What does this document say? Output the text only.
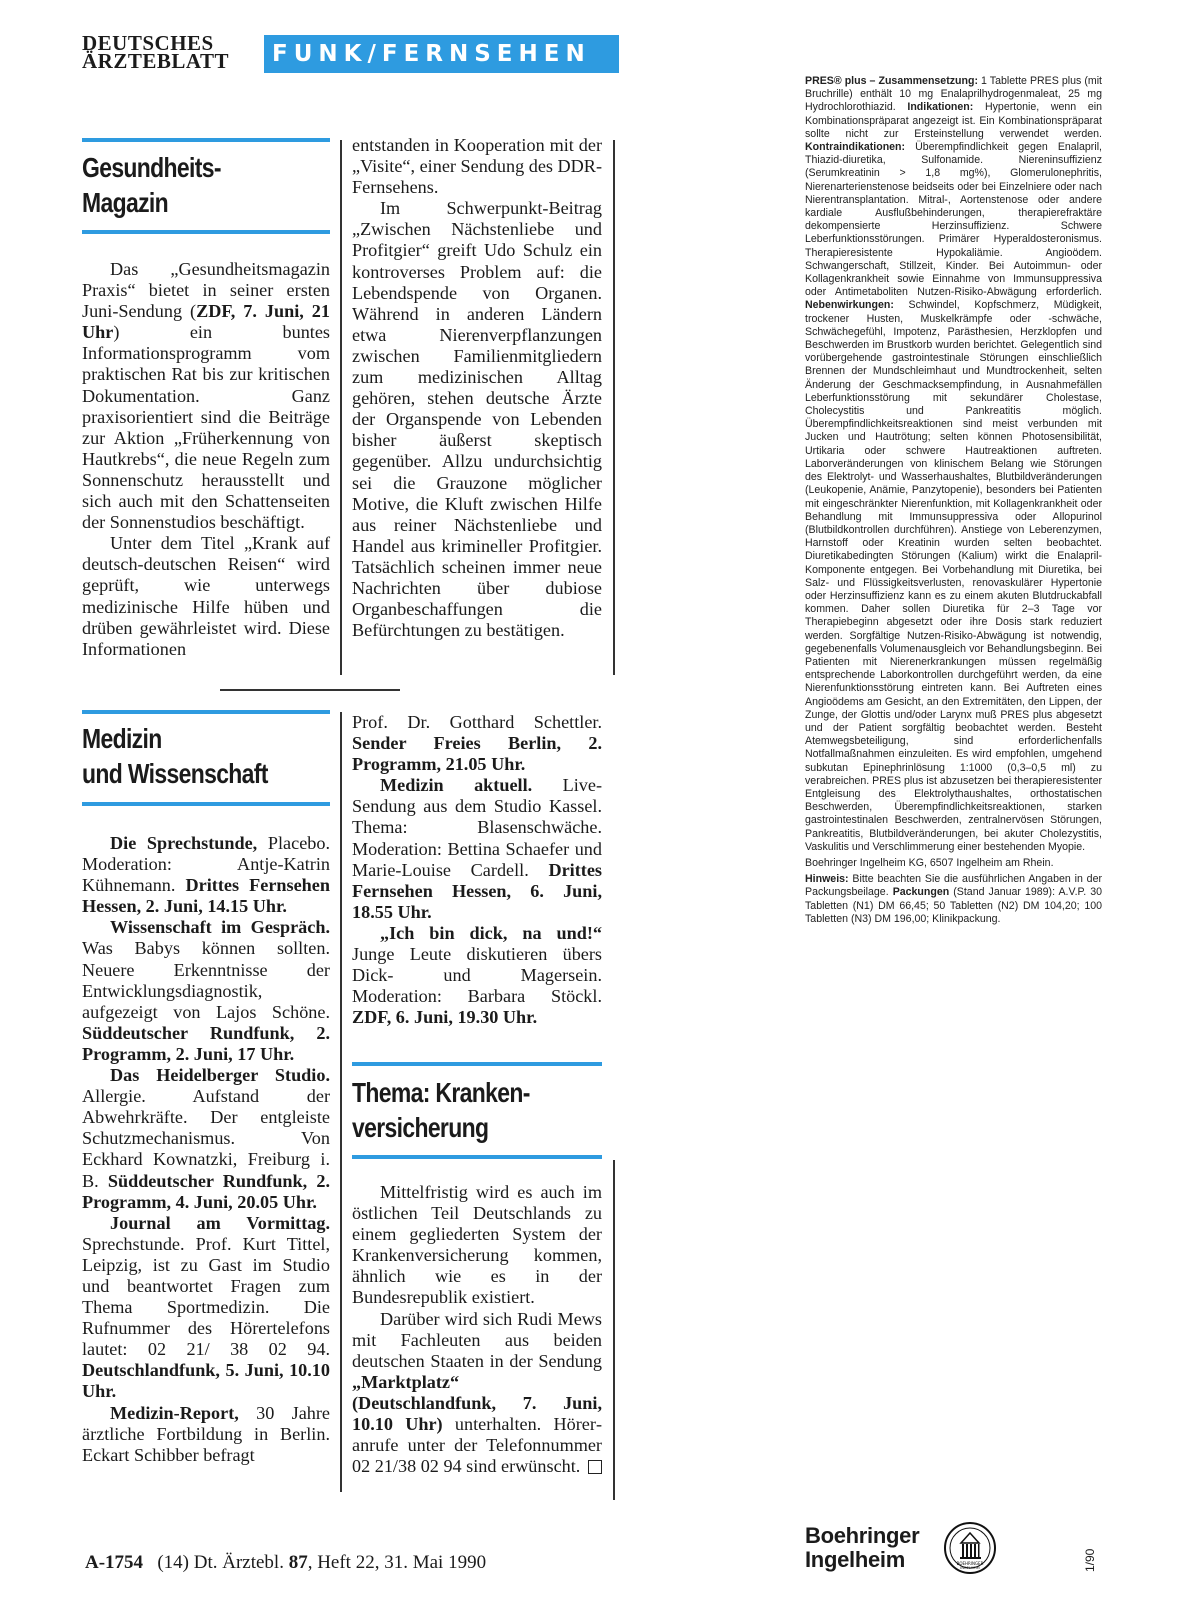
DEUTSCHES
ÄRZTEBLATT	FUNK/FERNSEHEN
Gesundheits-
Magazin

Das „Gesundheitsmagazin Praxis“ bietet in seiner ersten Juni-Sendung (ZDF, 7. Juni, 21 Uhr) ein buntes Informationsprogramm vom praktischen Rat bis zur kritischen Dokumentation. Ganz praxisorientiert sind die Beiträge zur Aktion „Früherkennung von Hautkrebs“, die neue Regeln zum Sonnenschutz herausstellt und sich auch mit den Schattenseiten der Sonnenstudios beschäftigt.

Unter dem Titel „Krank auf deutsch-deutschen Reisen“ wird geprüft, wie unterwegs medizinische Hilfe hüben und drüben gewährleistet wird. Diese Informationen

entstanden in Kooperation mit der „Visite“, einer Sendung des DDR-Fernsehens.

Im Schwerpunkt-Beitrag „Zwischen Nächstenliebe und Profitgier“ greift Udo Schulz ein kontroverses Problem auf: die Lebendspende von Organen. Während in anderen Ländern etwa Nierenverpflanzungen zwischen Familienmitgliedern zum medizinischen Alltag gehören, stehen deutsche Ärzte der Organspende von Lebenden bisher äußerst skeptisch gegenüber. Allzu undurchsichtig sei die Grauzone möglicher Motive, die Kluft zwischen Hilfe aus reiner Nächstenliebe und Handel aus krimineller Profitgier. Tatsächlich scheinen immer neue Nachrichten über dubiose Organbeschaffungen die Befürchtungen zu bestätigen.

Medizin
und Wissenschaft

Die Sprechstunde, Placebo. Moderation: Antje-Katrin Kühnemann. Drittes Fernsehen Hessen, 2. Juni, 14.15 Uhr.

Wissenschaft im Gespräch. Was Babys können sollten. Neuere Erkenntnisse der Entwicklungsdiagnostik, aufgezeigt von Lajos Schöne. Süddeutscher Rundfunk, 2. Programm, 2. Juni, 17 Uhr.

Das Heidelberger Studio. Allergie. Aufstand der Abwehrkräfte. Der entgleiste Schutzmechanismus. Von Eckhard Kownatzki, Freiburg i. B. Süddeutscher Rundfunk, 2. Programm, 4. Juni, 20.05 Uhr.

Journal am Vormittag. Sprechstunde. Prof. Kurt Tittel, Leipzig, ist zu Gast im Studio und beantwortet Fragen zum Thema Sportmedizin. Die Rufnummer des Hörertelefons lautet: 02 21/ 38 02 94. Deutschlandfunk, 5. Juni, 10.10 Uhr.

Medizin-Report, 30 Jahre ärztliche Fortbildung in Berlin. Eckart Schibber befragt

Prof. Dr. Gotthard Schettler. Sender Freies Berlin, 2. Programm, 21.05 Uhr.

Medizin aktuell. Live-Sendung aus dem Studio Kassel. Thema: Blasenschwäche. Moderation: Bettina Schaefer und Marie-Louise Cardell. Drittes Fernsehen Hessen, 6. Juni, 18.55 Uhr.

„Ich bin dick, na und!“ Junge Leute diskutieren übers Dick- und Magersein. Moderation: Barbara Stöckl. ZDF, 6. Juni, 19.30 Uhr.

Thema: Kranken-
versicherung

Mittelfristig wird es auch im östlichen Teil Deutschlands zu einem gegliederten System der Krankenversicherung kommen, ähnlich wie es in der Bundesrepublik existiert.

Darüber wird sich Rudi Mews mit Fachleuten aus beiden deutschen Staaten in der Sendung „Marktplatz“ (Deutschlandfunk, 7. Juni, 10.10 Uhr) unterhalten. Höreranrufe unter der Telefonnummer 02 21/38 02 94 sind erwünscht.

A-1754 (14) Dt. Ärztebl. 87, Heft 22, 31. Mai 1990

PRES® plus – Zusammensetzung: 1 Tablette PRES plus (mit Bruchrille) enthält 10 mg Enalaprilhydrogenmaleat, 25 mg Hydrochlorothiazid. Indikationen: Hypertonie, wenn ein Kombinationspräparat angezeigt ist. Ein Kombinationspräparat sollte nicht zur Ersteinstellung verwendet werden. Kontraindikationen: Überempfindlichkeit gegen Enalapril, Thiazid-diuretika, Sulfonamide. Niereninsuffizienz (Serumkreatinin > 1,8 mg%), Glomerulonephritis, Nierenarterienstenose beidseits oder bei Einzelniere oder nach Nierentransplantation. Mitral-, Aortenstenose oder andere kardiale Ausflußbehinderungen, therapierefraktäre dekompensierte Herzinsuffizienz. Schwere Leberfunktionsstörungen. Primärer Hyperaldosteronismus. Therapieresistente Hypokaliämie. Angioödem. Schwangerschaft, Stillzeit, Kinder. Bei Autoimmun- oder Kollagenkrankheit sowie Einnahme von Immunsuppressiva oder Antimetaboliten Nutzen-Risiko-Abwägung erforderlich. Nebenwirkungen: Schwindel, Kopfschmerz, Müdigkeit, trockener Husten, Muskelkrämpfe oder -schwäche, Schwächegefühl, Impotenz, Parästhesien, Herzklopfen und Beschwerden im Brustkorb wurden berichtet. Gelegentlich sind vorübergehende gastrointestinale Störungen einschließlich Brennen der Mundschleimhaut und Mundtrockenheit, selten Änderung der Geschmacksempfindung, in Ausnahmefällen Leberfunktionsstörung mit sekundärer Cholestase, Cholecystitis und Pankreatitis möglich. Überempfindlichkeitsreaktionen sind meist verbunden mit Jucken und Hautrötung; selten können Photosensibilität, Urtikaria oder schwere Hautreaktionen auftreten. Laborveränderungen von klinischem Belang wie Störungen des Elektrolyt- und Wasserhaushaltes, Blutbildveränderungen (Leukopenie, Anämie, Panzytopenie), besonders bei Patienten mit eingeschränkter Nierenfunktion, mit Kollagenkrankheit oder Behandlung mit Immunsuppressiva oder Allopurinol (Blutbildkontrollen durchführen). Anstiege von Leberenzymen, Harnstoff oder Kreatinin wurden selten beobachtet. Diuretikabedingten Störungen (Kalium) wirkt die Enalapril-Komponente entgegen. Bei Vorbehandlung mit Diuretika, bei Salz- und Flüssigkeitsverlusten, renovaskulärer Hypertonie oder Herzinsuffizienz kann es zu einem akuten Blutdruckabfall kommen. Daher sollen Diuretika für 2–3 Tage vor Therapiebeginn abgesetzt oder ihre Dosis stark reduziert werden. Sorgfältige Nutzen-Risiko-Abwägung ist notwendig, gegebenenfalls Volumenausgleich vor Behandlungsbeginn. Bei Patienten mit Nierenerkrankungen müssen regelmäßig entsprechende Laborkontrollen durchgeführt werden, da eine Nierenfunktionsstörung eintreten kann. Bei Auftreten eines Angioödems am Gesicht, an den Extremitäten, den Lippen, der Zunge, der Glottis und/oder Larynx muß PRES plus abgesetzt und der Patient sorgfältig beobachtet werden. Besteht Atemwegsbeteiligung, sind erforderlichenfalls Notfallmaßnahmen einzuleiten. Es wird empfohlen, umgehend subkutan Epinephrinlösung 1:1000 (0,3–0,5 ml) zu verabreichen. PRES plus ist abzusetzen bei therapieresistenter Entgleisung des Elektrolythaushaltes, orthostatischen Beschwerden, Überempfindlichkeitsreaktionen, starken gastrointestinalen Beschwerden, zentralnervösen Störungen, Pankreatitis, Blutbildveränderungen, bei akuter Cholezystitis, Vaskulitis und Verschlimmerung einer bestehenden Myopie.

Boehringer Ingelheim KG, 6507 Ingelheim am Rhein.

Hinweis: Bitte beachten Sie die ausführlichen Angaben in der Packungsbeilage. Packungen (Stand Januar 1989): A.V.P. 30 Tabletten (N1) DM 66,45; 50 Tabletten (N2) DM 104,20; 100 Tabletten (N3) DM 196,00; Klinikpackung.

Boehringer
Ingelheim	BOEHRINGER
INGELHEIM	1/90
